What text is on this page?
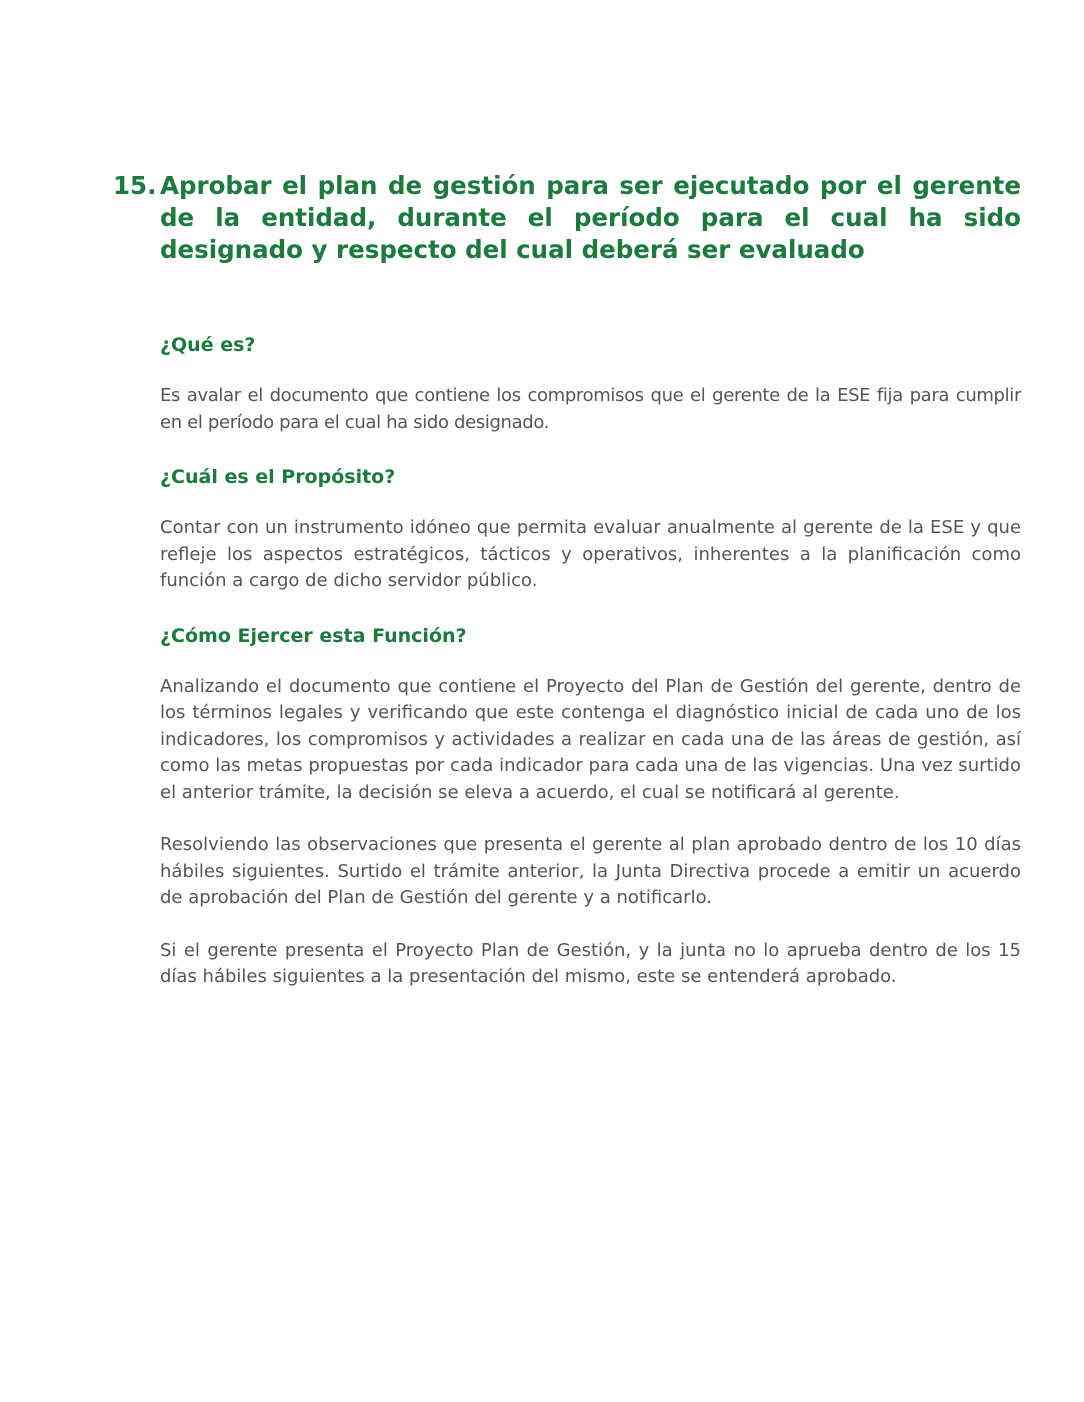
15. Aprobar el plan de gestión para ser ejecutado por el gerente de la entidad, durante el período para el cual ha sido designado y respecto del cual deberá ser evaluado
¿Qué es?

Es avalar el documento que contiene los compromisos que el gerente de la ESE fija para cumplir en el período para el cual ha sido designado.

¿Cuál es el Propósito?

Contar con un instrumento idóneo que permita evaluar anualmente al gerente de la ESE y que refleje los aspectos estratégicos, tácticos y operativos, inherentes a la planificación como función a cargo de dicho servidor público.

¿Cómo Ejercer esta Función?

Analizando el documento que contiene el Proyecto del Plan de Gestión del gerente, dentro de los términos legales y verificando que este contenga el diagnóstico inicial de cada uno de los indicadores, los compromisos y actividades a realizar en cada una de las áreas de gestión, así como las metas propuestas por cada indicador para cada una de las vigencias. Una vez surtido el anterior trámite, la decisión se eleva a acuerdo, el cual se notificará al gerente.

Resolviendo las observaciones que presenta el gerente al plan aprobado dentro de los 10 días hábiles siguientes. Surtido el trámite anterior, la Junta Directiva procede a emitir un acuerdo de aprobación del Plan de Gestión del gerente y a notificarlo.

Si el gerente presenta el Proyecto Plan de Gestión, y la junta no lo aprueba dentro de los 15 días hábiles siguientes a la presentación del mismo, este se entenderá aprobado.
